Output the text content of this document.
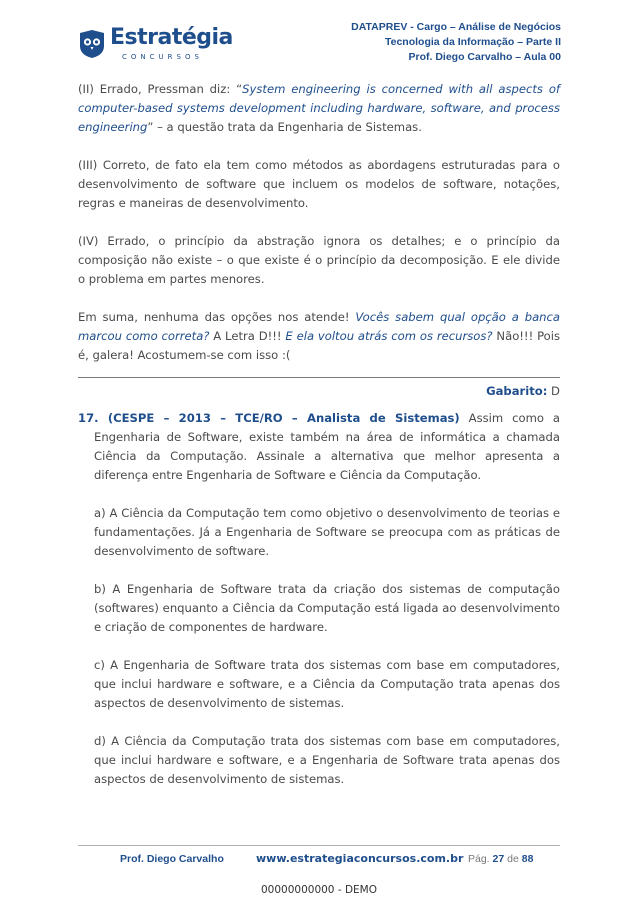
Estratégia
CONCURSOS
DATAPREV - Cargo – Análise de Negócios
Tecnologia da Informação – Parte II
Prof. Diego Carvalho – Aula 00

(II) Errado, Pressman diz: “System engineering is concerned with all aspects of computer-based systems development including hardware, software, and process engineering” – a questão trata da Engenharia de Sistemas.

(III) Correto, de fato ela tem como métodos as abordagens estruturadas para o desenvolvimento de software que incluem os modelos de software, notações, regras e maneiras de desenvolvimento.

(IV) Errado, o princípio da abstração ignora os detalhes; e o princípio da composição não existe – o que existe é o princípio da decomposição. E ele divide o problema em partes menores.

Em suma, nenhuma das opções nos atende! Vocês sabem qual opção a banca marcou como correta? A Letra D!!! E ela voltou atrás com os recursos? Não!!! Pois é, galera! Acostumem-se com isso :(

Gabarito: D

17. (CESPE – 2013 – TCE/RO – Analista de Sistemas) Assim como a Engenharia de Software, existe também na área de informática a chamada Ciência da Computação. Assinale a alternativa que melhor apresenta a diferença entre Engenharia de Software e Ciência da Computação.

a) A Ciência da Computação tem como objetivo o desenvolvimento de teorias e fundamentações. Já a Engenharia de Software se preocupa com as práticas de desenvolvimento de software.

b) A Engenharia de Software trata da criação dos sistemas de computação (softwares) enquanto a Ciência da Computação está ligada ao desenvolvimento e criação de componentes de hardware.

c) A Engenharia de Software trata dos sistemas com base em computadores, que inclui hardware e software, e a Ciência da Computação trata apenas dos aspectos de desenvolvimento de sistemas.

d) A Ciência da Computação trata dos sistemas com base em computadores, que inclui hardware e software, e a Engenharia de Software trata apenas dos aspectos de desenvolvimento de sistemas.

Prof. Diego Carvalho	www.estrategiaconcursos.com.br Pág. 27 de 88
00000000000 - DEMO
